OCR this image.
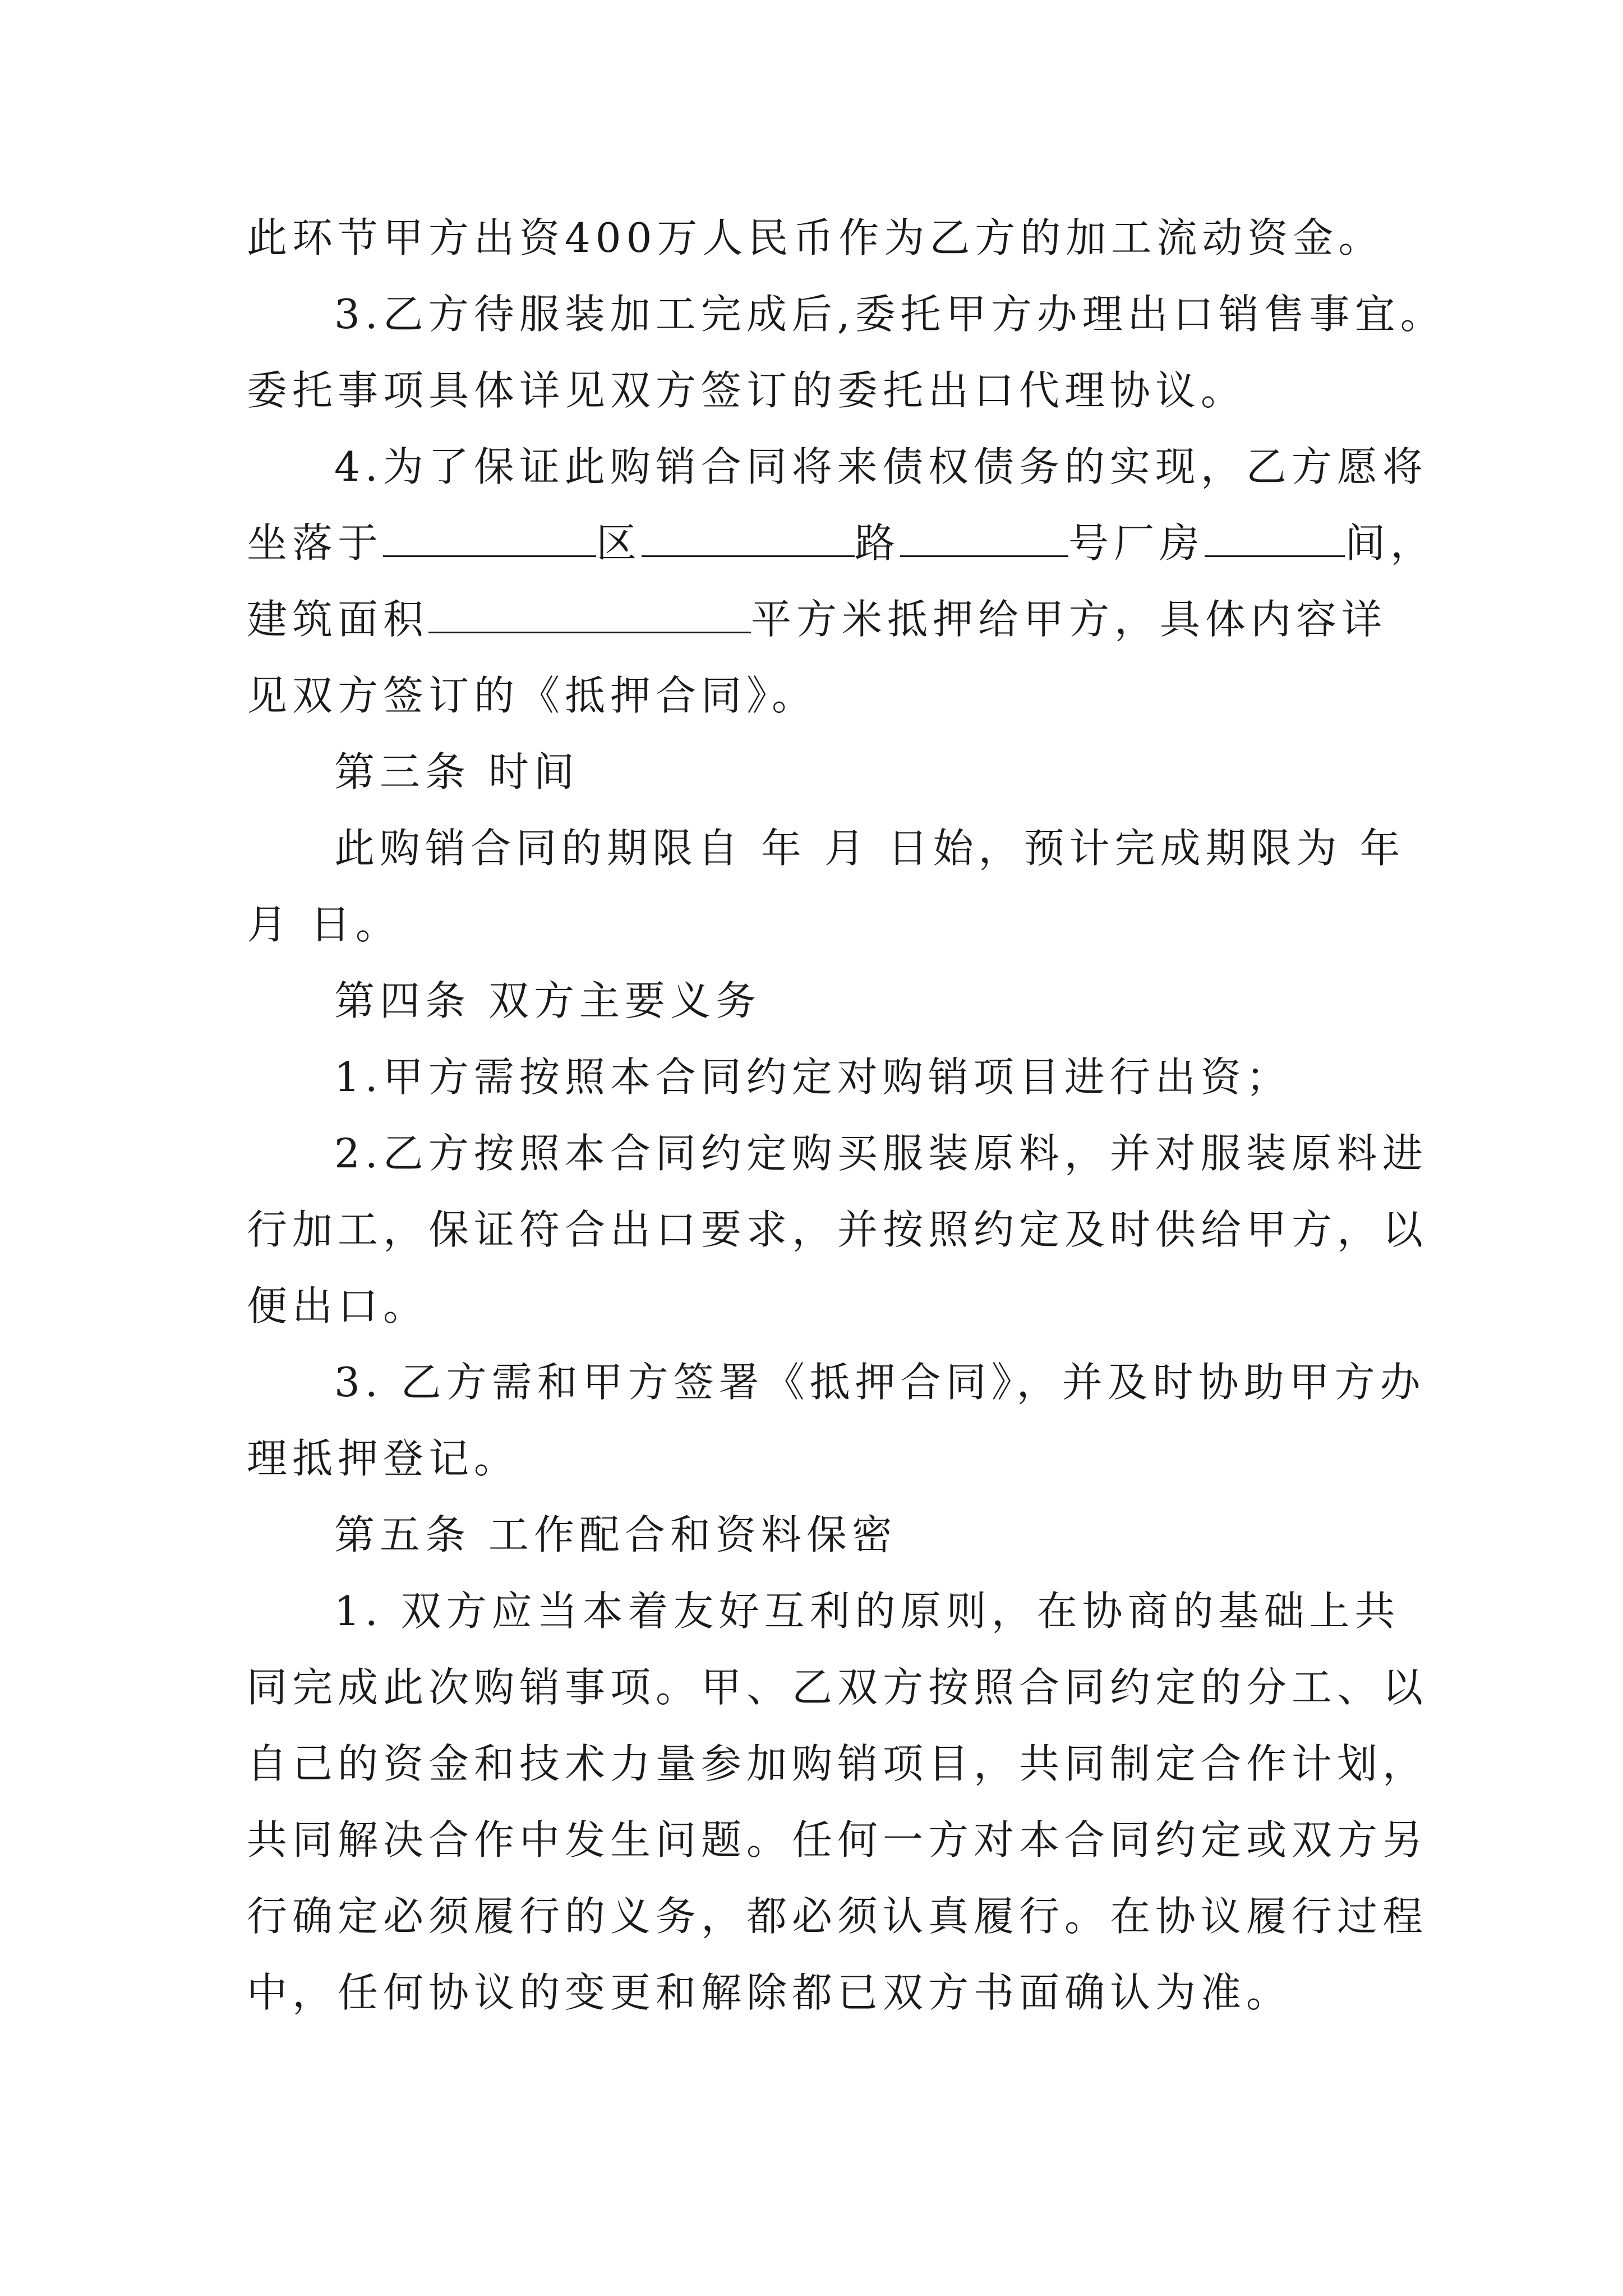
此环节甲方出资400万人民币作为乙方的加工流动资金。
3.乙方待服装加工完成后,委托甲方办理出口销售事宜。
委托事项具体详见双方签订的委托出口代理协议。
4.为了保证此购销合同将来债权债务的实现，乙方愿将
坐落于	区	路	号厂房	间，
建筑面积	平方米抵押给甲方，具体内容详
见双方签订的《抵押合同》。
第三条 时间
此购销合同的期限自 年 月 日始，预计完成期限为 年
月 日。
第四条 双方主要义务
1.甲方需按照本合同约定对购销项目进行出资；
2.乙方按照本合同约定购买服装原料，并对服装原料进
行加工，保证符合出口要求，并按照约定及时供给甲方，以
便出口。
3. 乙方需和甲方签署《抵押合同》，并及时协助甲方办
理抵押登记。
第五条 工作配合和资料保密
1. 双方应当本着友好互利的原则，在协商的基础上共
同完成此次购销事项。甲、乙双方按照合同约定的分工、以
自己的资金和技术力量参加购销项目，共同制定合作计划，
共同解决合作中发生问题。任何一方对本合同约定或双方另
行确定必须履行的义务，都必须认真履行。在协议履行过程
中，任何协议的变更和解除都已双方书面确认为准。
